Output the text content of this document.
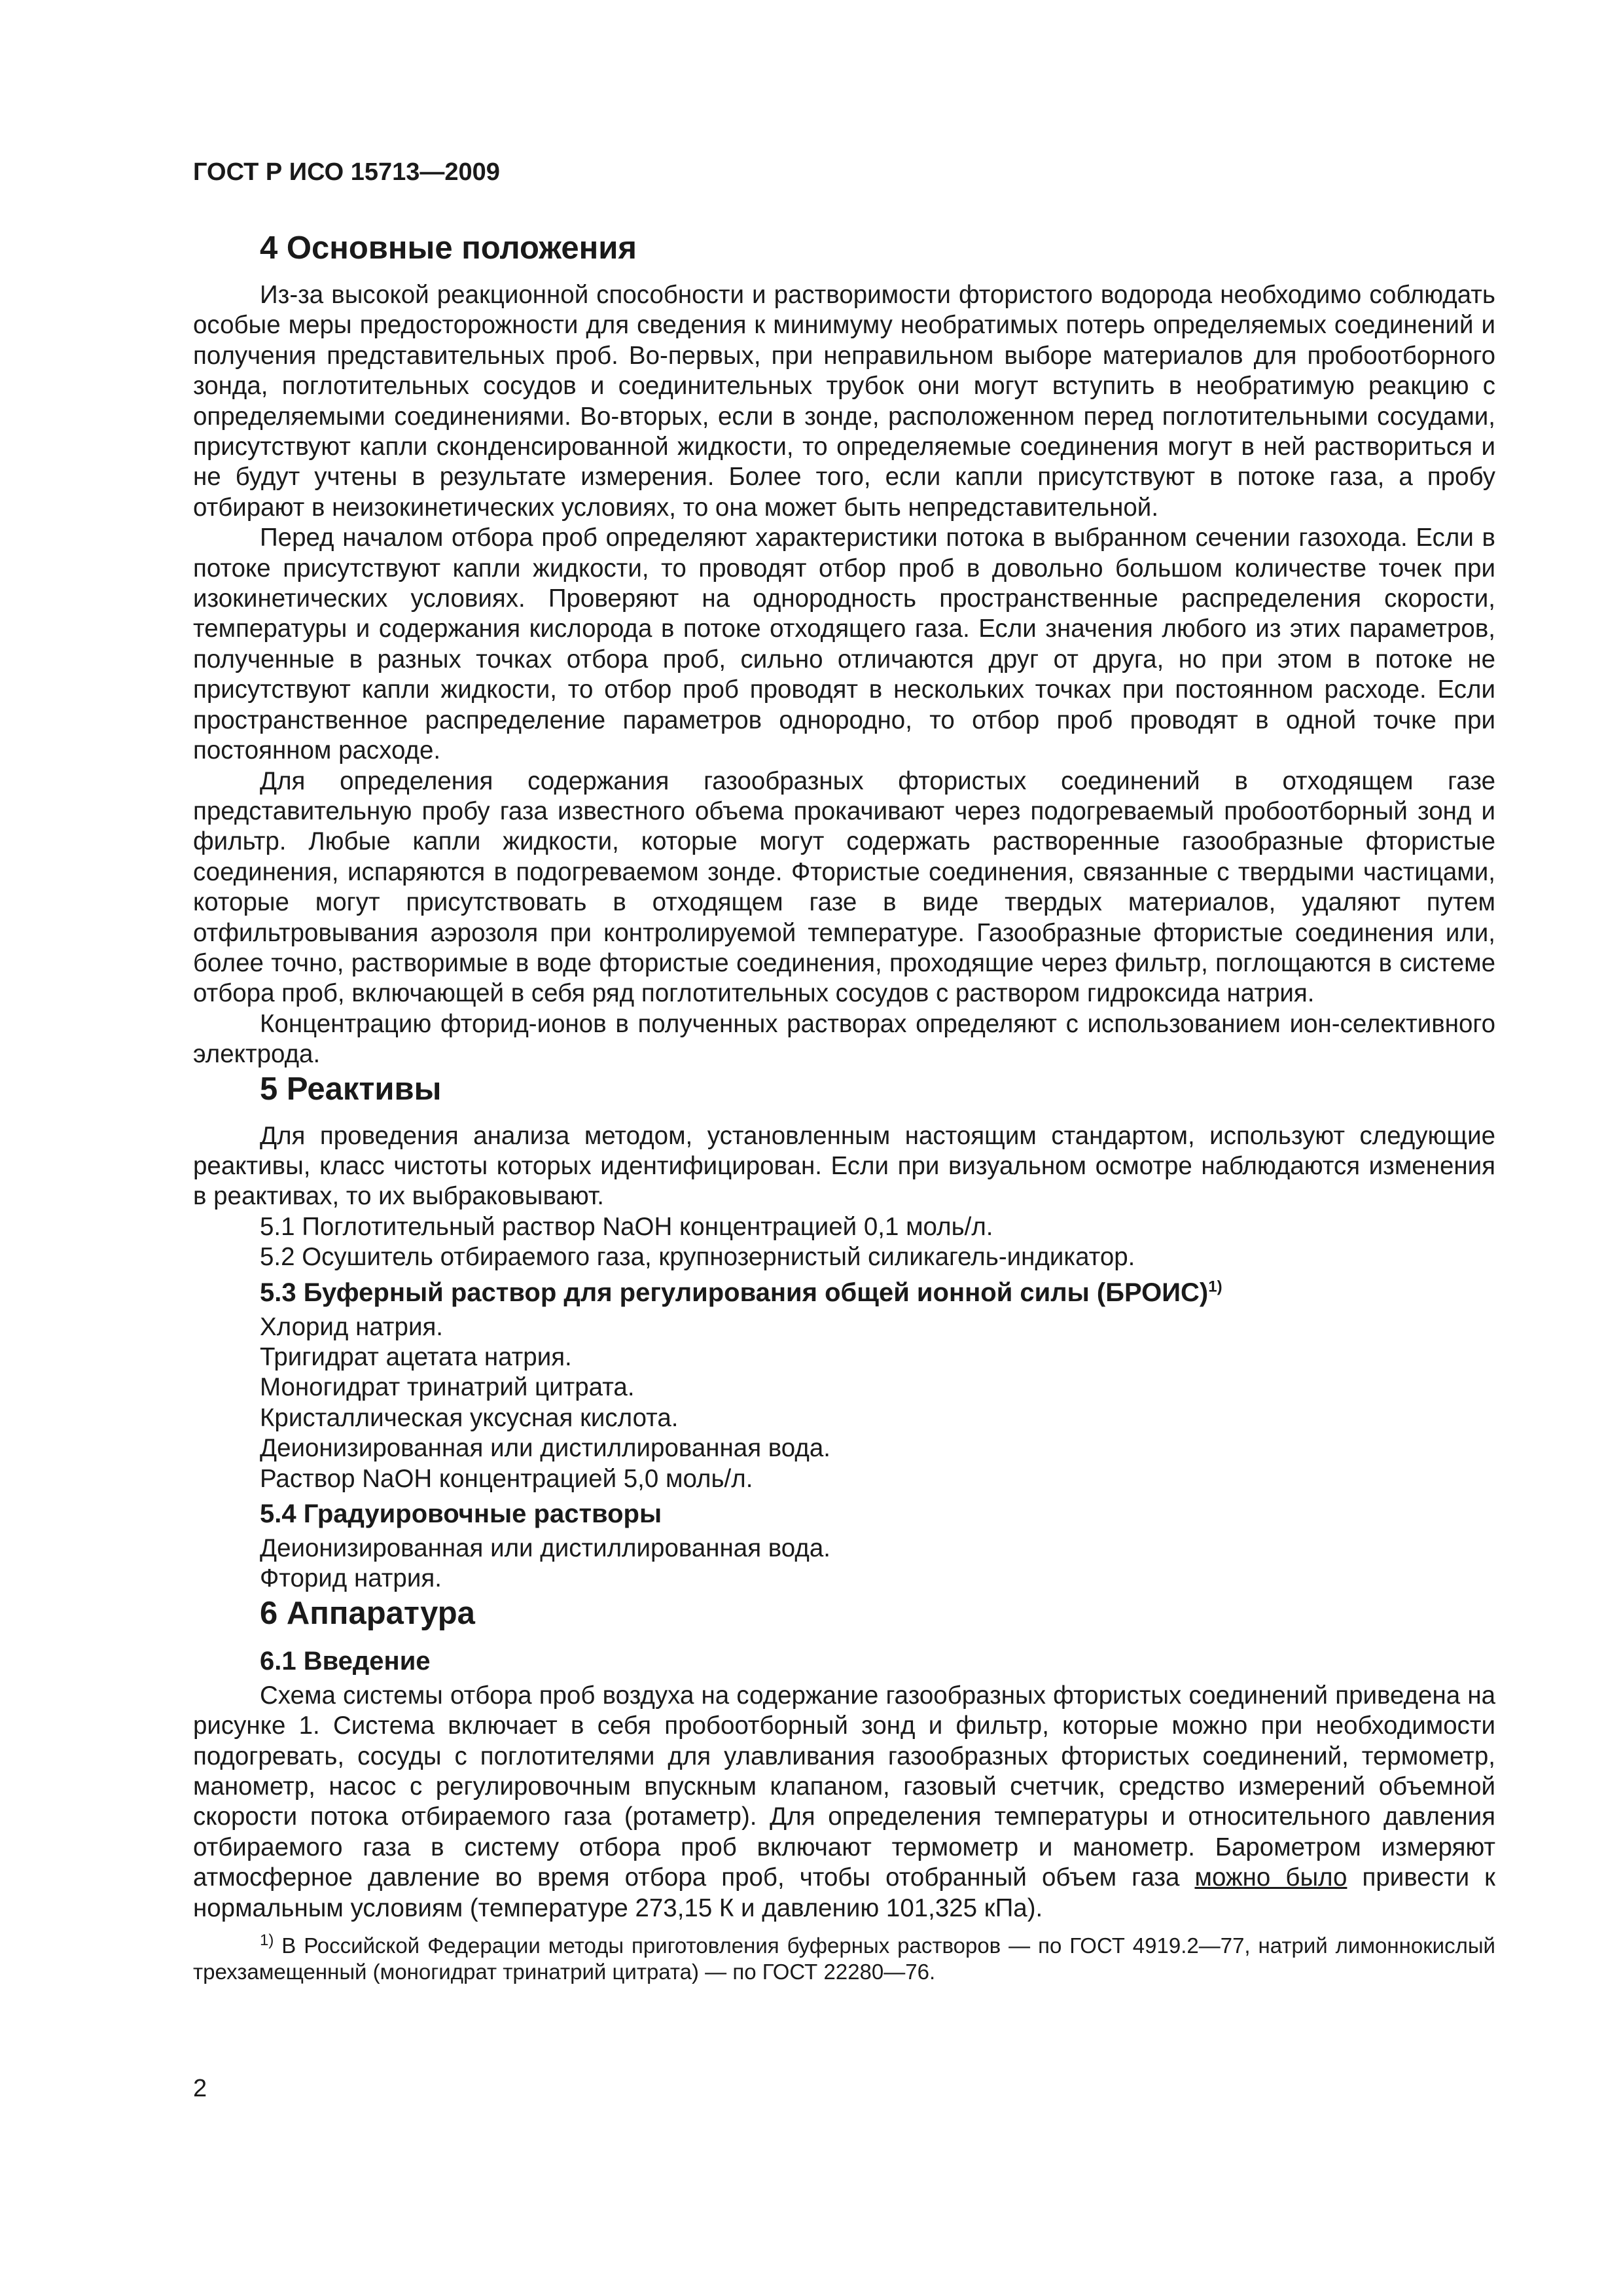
ГОСТ Р ИСО 15713—2009
4 Основные положения

Из-за высокой реакционной способности и растворимости фтористого водорода необходимо соблюдать особые меры предосторожности для сведения к минимуму необратимых потерь определяемых соединений и получения представительных проб. Во-первых, при неправильном выборе материалов для пробоотборного зонда, поглотительных сосудов и соединительных трубок они могут вступить в необратимую реакцию с определяемыми соединениями. Во-вторых, если в зонде, расположенном перед поглотительными сосудами, присутствуют капли сконденсированной жидкости, то определяемые соединения могут в ней раствориться и не будут учтены в результате измерения. Более того, если капли присутствуют в потоке газа, а пробу отбирают в неизокинетических условиях, то она может быть непредставительной.

Перед началом отбора проб определяют характеристики потока в выбранном сечении газохода. Если в потоке присутствуют капли жидкости, то проводят отбор проб в довольно большом количестве точек при изокинетических условиях. Проверяют на однородность пространственные распределения скорости, температуры и содержания кислорода в потоке отходящего газа. Если значения любого из этих параметров, полученные в разных точках отбора проб, сильно отличаются друг от друга, но при этом в потоке не присутствуют капли жидкости, то отбор проб проводят в нескольких точках при постоянном расходе. Если пространственное распределение параметров однородно, то отбор проб проводят в одной точке при постоянном расходе.

Для определения содержания газообразных фтористых соединений в отходящем газе представительную пробу газа известного объема прокачивают через подогреваемый пробоотборный зонд и фильтр. Любые капли жидкости, которые могут содержать растворенные газообразные фтористые соединения, испаряются в подогреваемом зонде. Фтористые соединения, связанные с твердыми частицами, которые могут присутствовать в отходящем газе в виде твердых материалов, удаляют путем отфильтровывания аэрозоля при контролируемой температуре. Газообразные фтористые соединения или, более точно, растворимые в воде фтористые соединения, проходящие через фильтр, поглощаются в системе отбора проб, включающей в себя ряд поглотительных сосудов с раствором гидроксида натрия.

Концентрацию фторид-ионов в полученных растворах определяют с использованием ион-селективного электрода.

5 Реактивы

Для проведения анализа методом, установленным настоящим стандартом, используют следующие реактивы, класс чистоты которых идентифицирован. Если при визуальном осмотре наблюдаются изменения в реактивах, то их выбраковывают.

5.1 Поглотительный раствор NaOH концентрацией 0,1 моль/л.

5.2 Осушитель отбираемого газа, крупнозернистый силикагель-индикатор.

5.3 Буферный раствор для регулирования общей ионной силы (БРОИС)$^{1)}$

Хлорид натрия.

Тригидрат ацетата натрия.

Моногидрат тринатрий цитрата.

Кристаллическая уксусная кислота.

Деионизированная или дистиллированная вода.

Раствор NaOH концентрацией 5,0 моль/л.

5.4 Градуировочные растворы

Деионизированная или дистиллированная вода.

Фторид натрия.

6 Аппаратура
6.1 Введение

Схема системы отбора проб воздуха на содержание газообразных фтористых соединений приведена на рисунке 1. Система включает в себя пробоотборный зонд и фильтр, которые можно при необходимости подогревать, сосуды с поглотителями для улавливания газообразных фтористых соединений, термометр, манометр, насос с регулировочным впускным клапаном, газовый счетчик, средство измерений объемной скорости потока отбираемого газа (ротаметр). Для определения температуры и относительного давления отбираемого газа в систему отбора проб включают термометр и манометр. Барометром измеряют атмосферное давление во время отбора проб, чтобы отобранный объем газа можно было привести к нормальным условиям (температуре 273,15 К и давлению 101,325 кПа).

$^{1)}$ В Российской Федерации методы приготовления буферных растворов — по ГОСТ 4919.2—77, натрий лимоннокислый трехзамещенный (моногидрат тринатрий цитрата) — по ГОСТ 22280—76.

2
